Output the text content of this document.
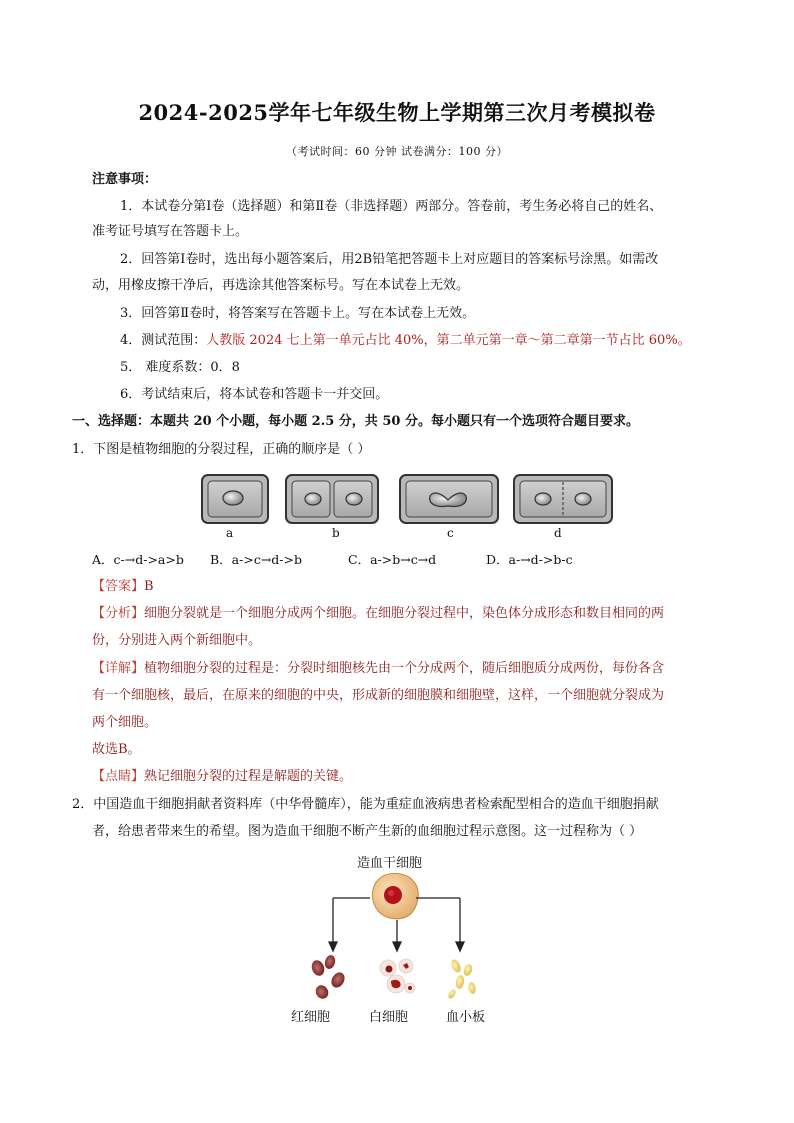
2024-2025学年七年级生物上学期第三次月考模拟卷
（考试时间：60 分钟 试卷满分：100 分）
注意事项：
1．本试卷分第Ⅰ卷（选择题）和第Ⅱ卷（非选择题）两部分。答卷前，考生务必将自己的姓名、
准考证号填写在答题卡上。
2．回答第Ⅰ卷时，选出每小题答案后，用2B铅笔把答题卡上对应题目的答案标号涂黑。如需改
动，用橡皮擦干净后，再选涂其他答案标号。写在本试卷上无效。
3．回答第Ⅱ卷时，将答案写在答题卡上。写在本试卷上无效。
4．测试范围：人教版 2024 七上第一单元占比 40%，第二单元第一章～第二章第一节占比 60%。
5． 难度系数：0．8
6．考试结束后，将本试卷和答题卡一并交回。
一、选择题：本题共 20 个小题，每小题 2.5 分，共 50 分。每小题只有一个选项符合题目要求。
1．下图是植物细胞的分裂过程，正确的顺序是（ ）
a	b	c	d
A．c-→d->a>b B．a->c→d->b	C．a->b→c→d	D．a-→d->b-c
【答案】B
【分析】细胞分裂就是一个细胞分成两个细胞。在细胞分裂过程中，染色体分成形态和数目相同的两
份，分别进入两个新细胞中。
【详解】植物细胞分裂的过程是：分裂时细胞核先由一个分成两个，随后细胞质分成两份，每份各含
有一个细胞核，最后，在原来的细胞的中央，形成新的细胞膜和细胞壁，这样，一个细胞就分裂成为
两个细胞。
故选B。
【点睛】熟记细胞分裂的过程是解题的关键。
2．中国造血干细胞捐献者资料库（中华骨髓库），能为重症血液病患者检索配型相合的造血干细胞捐献
者，给患者带来生的希望。图为造血干细胞不断产生新的血细胞过程示意图。这一过程称为（ ）
造血干细胞
红细胞	白细胞	血小板
